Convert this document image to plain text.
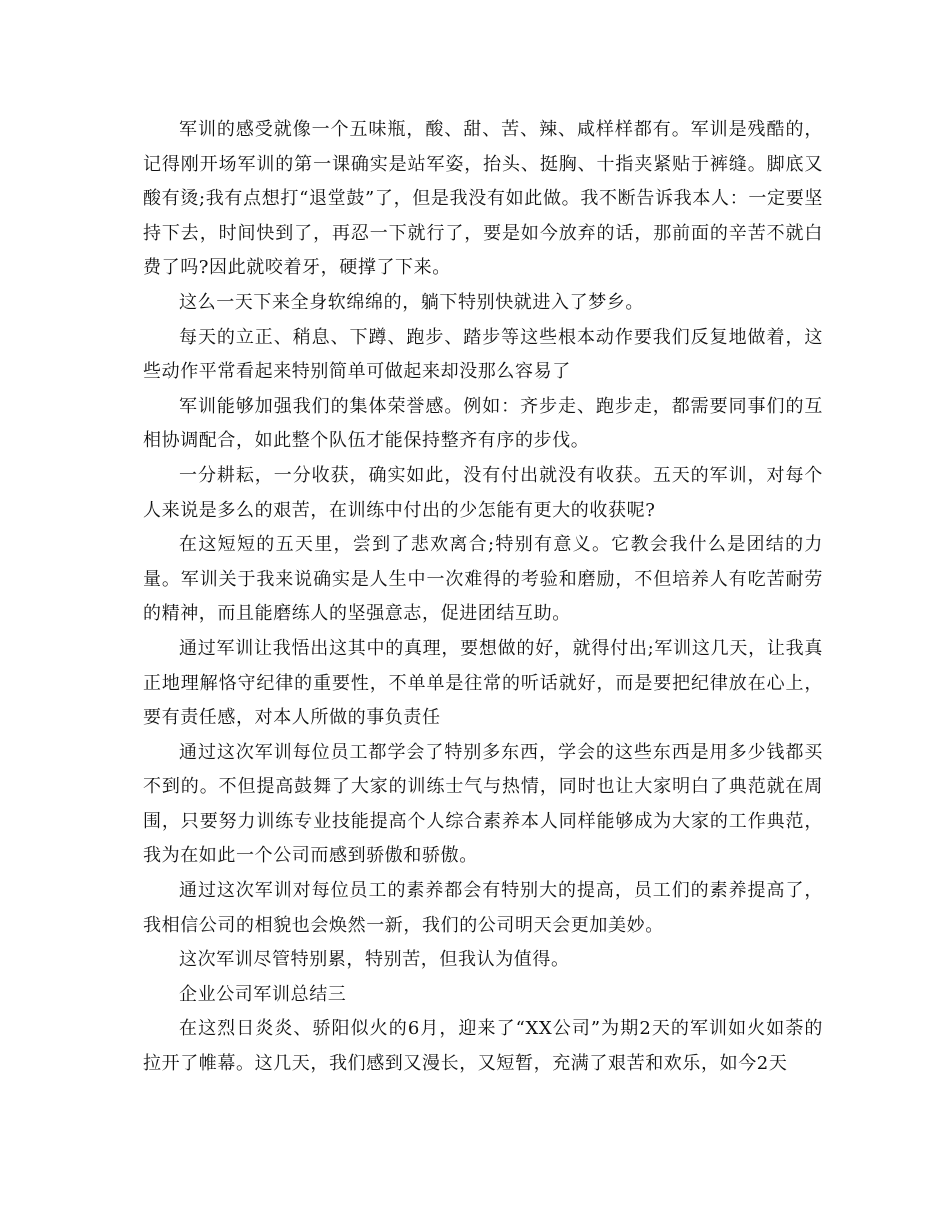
军训的感受就像一个五味瓶，酸、甜、苦、辣、咸样样都有。军训是残酷的，记得刚开场军训的第一课确实是站军姿，抬头、挺胸、十指夹紧贴于裤缝。脚底又酸有烫;我有点想打“退堂鼓”了，但是我没有如此做。我不断告诉我本人：一定要坚持下去，时间快到了，再忍一下就行了，要是如今放弃的话，那前面的辛苦不就白费了吗?因此就咬着牙，硬撑了下来。

这么一天下来全身软绵绵的，躺下特别快就进入了梦乡。

每天的立正、稍息、下蹲、跑步、踏步等这些根本动作要我们反复地做着，这些动作平常看起来特别简单可做起来却没那么容易了

军训能够加强我们的集体荣誉感。例如：齐步走、跑步走，都需要同事们的互相协调配合，如此整个队伍才能保持整齐有序的步伐。

一分耕耘，一分收获，确实如此，没有付出就没有收获。五天的军训，对每个人来说是多么的艰苦，在训练中付出的少怎能有更大的收获呢?

在这短短的五天里，尝到了悲欢离合;特别有意义。它教会我什么是团结的力量。军训关于我来说确实是人生中一次难得的考验和磨励，不但培养人有吃苦耐劳的精神，而且能磨练人的坚强意志，促进团结互助。

通过军训让我悟出这其中的真理，要想做的好，就得付出;军训这几天，让我真正地理解恪守纪律的重要性，不单单是往常的听话就好，而是要把纪律放在心上，要有责任感，对本人所做的事负责任

通过这次军训每位员工都学会了特别多东西，学会的这些东西是用多少钱都买不到的。不但提高鼓舞了大家的训练士气与热情，同时也让大家明白了典范就在周围，只要努力训练专业技能提高个人综合素养本人同样能够成为大家的工作典范，我为在如此一个公司而感到骄傲和骄傲。

通过这次军训对每位员工的素养都会有特别大的提高，员工们的素养提高了，我相信公司的相貌也会焕然一新，我们的公司明天会更加美妙。

这次军训尽管特别累，特别苦，但我认为值得。

企业公司军训总结三

在这烈日炎炎、骄阳似火的6月，迎来了“XX公司”为期2天的军训如火如荼的拉开了帷幕。这几天，我们感到又漫长，又短暂，充满了艰苦和欢乐，如今2天
